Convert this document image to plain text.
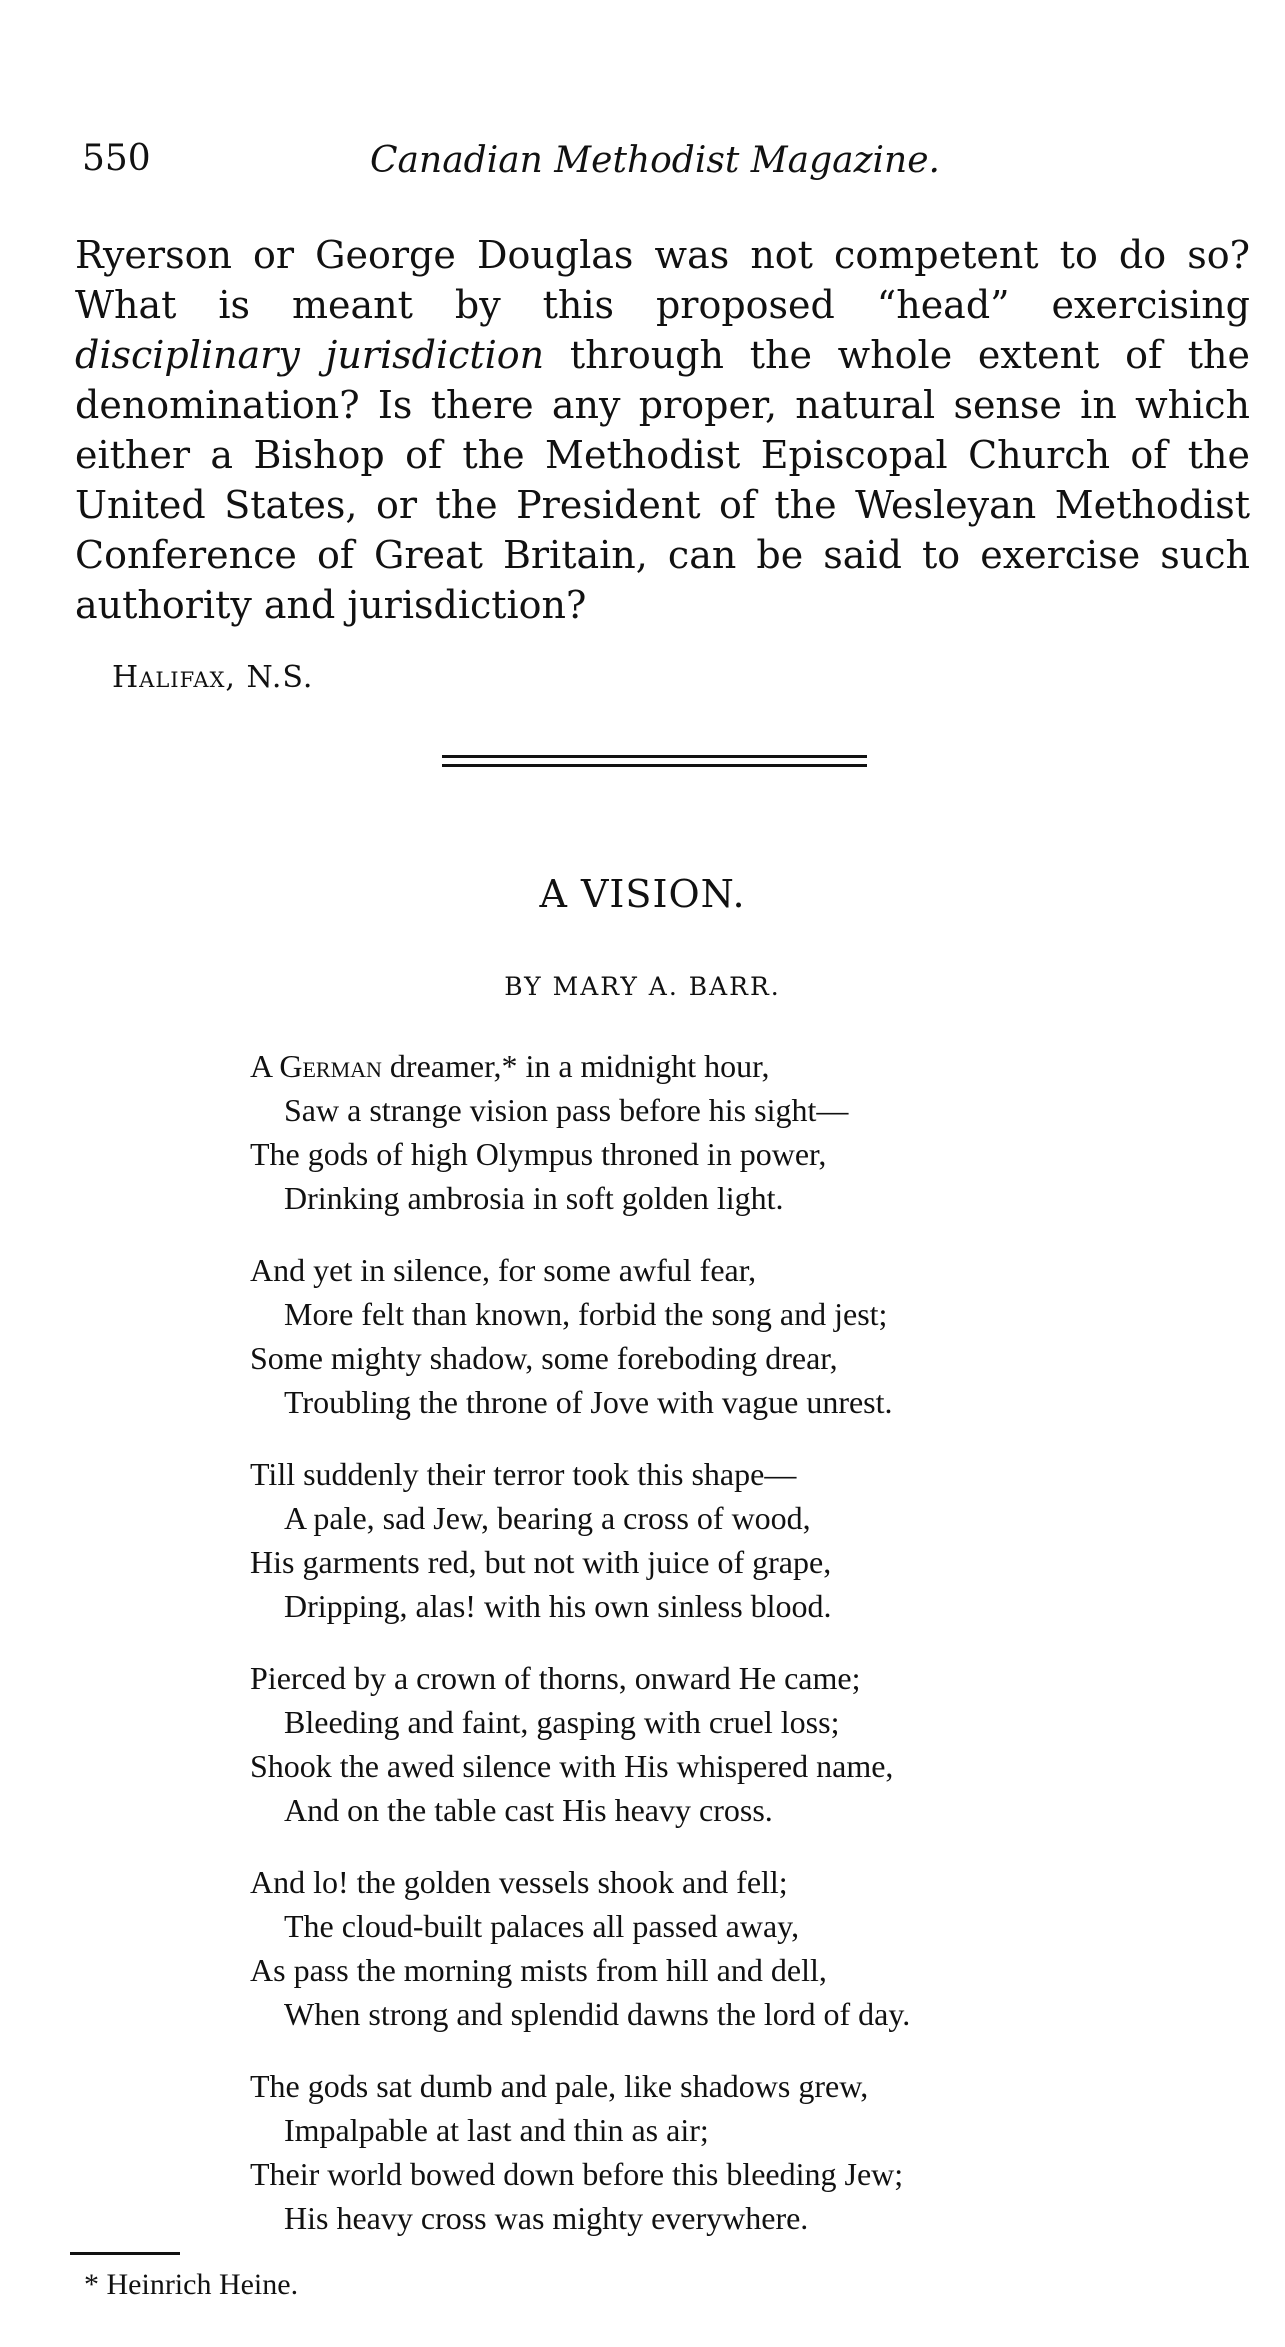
550	Canadian Methodist Magazine.

Ryerson or George Douglas was not competent to do so? What is meant by this proposed “head” exercising disciplinary jurisdiction through the whole extent of the denomination? Is there any proper, natural sense in which either a Bishop of the Methodist Episcopal Church of the United States, or the President of the Wesleyan Methodist Conference of Great Britain, can be said to exercise such authority and jurisdiction?

Halifax, N.S.
A VISION.
BY MARY A. BARR.
A German dreamer,* in a midnight hour,
Saw a strange vision pass before his sight—
The gods of high Olympus throned in power,
Drinking ambrosia in soft golden light.
And yet in silence, for some awful fear,
More felt than known, forbid the song and jest;
Some mighty shadow, some foreboding drear,
Troubling the throne of Jove with vague unrest.
Till suddenly their terror took this shape—
A pale, sad Jew, bearing a cross of wood,
His garments red, but not with juice of grape,
Dripping, alas! with his own sinless blood.
Pierced by a crown of thorns, onward He came;
Bleeding and faint, gasping with cruel loss;
Shook the awed silence with His whispered name,
And on the table cast His heavy cross.
And lo! the golden vessels shook and fell;
The cloud-built palaces all passed away,
As pass the morning mists from hill and dell,
When strong and splendid dawns the lord of day.
The gods sat dumb and pale, like shadows grew,
Impalpable at last and thin as air;
Their world bowed down before this bleeding Jew;
His heavy cross was mighty everywhere.
* Heinrich Heine.
